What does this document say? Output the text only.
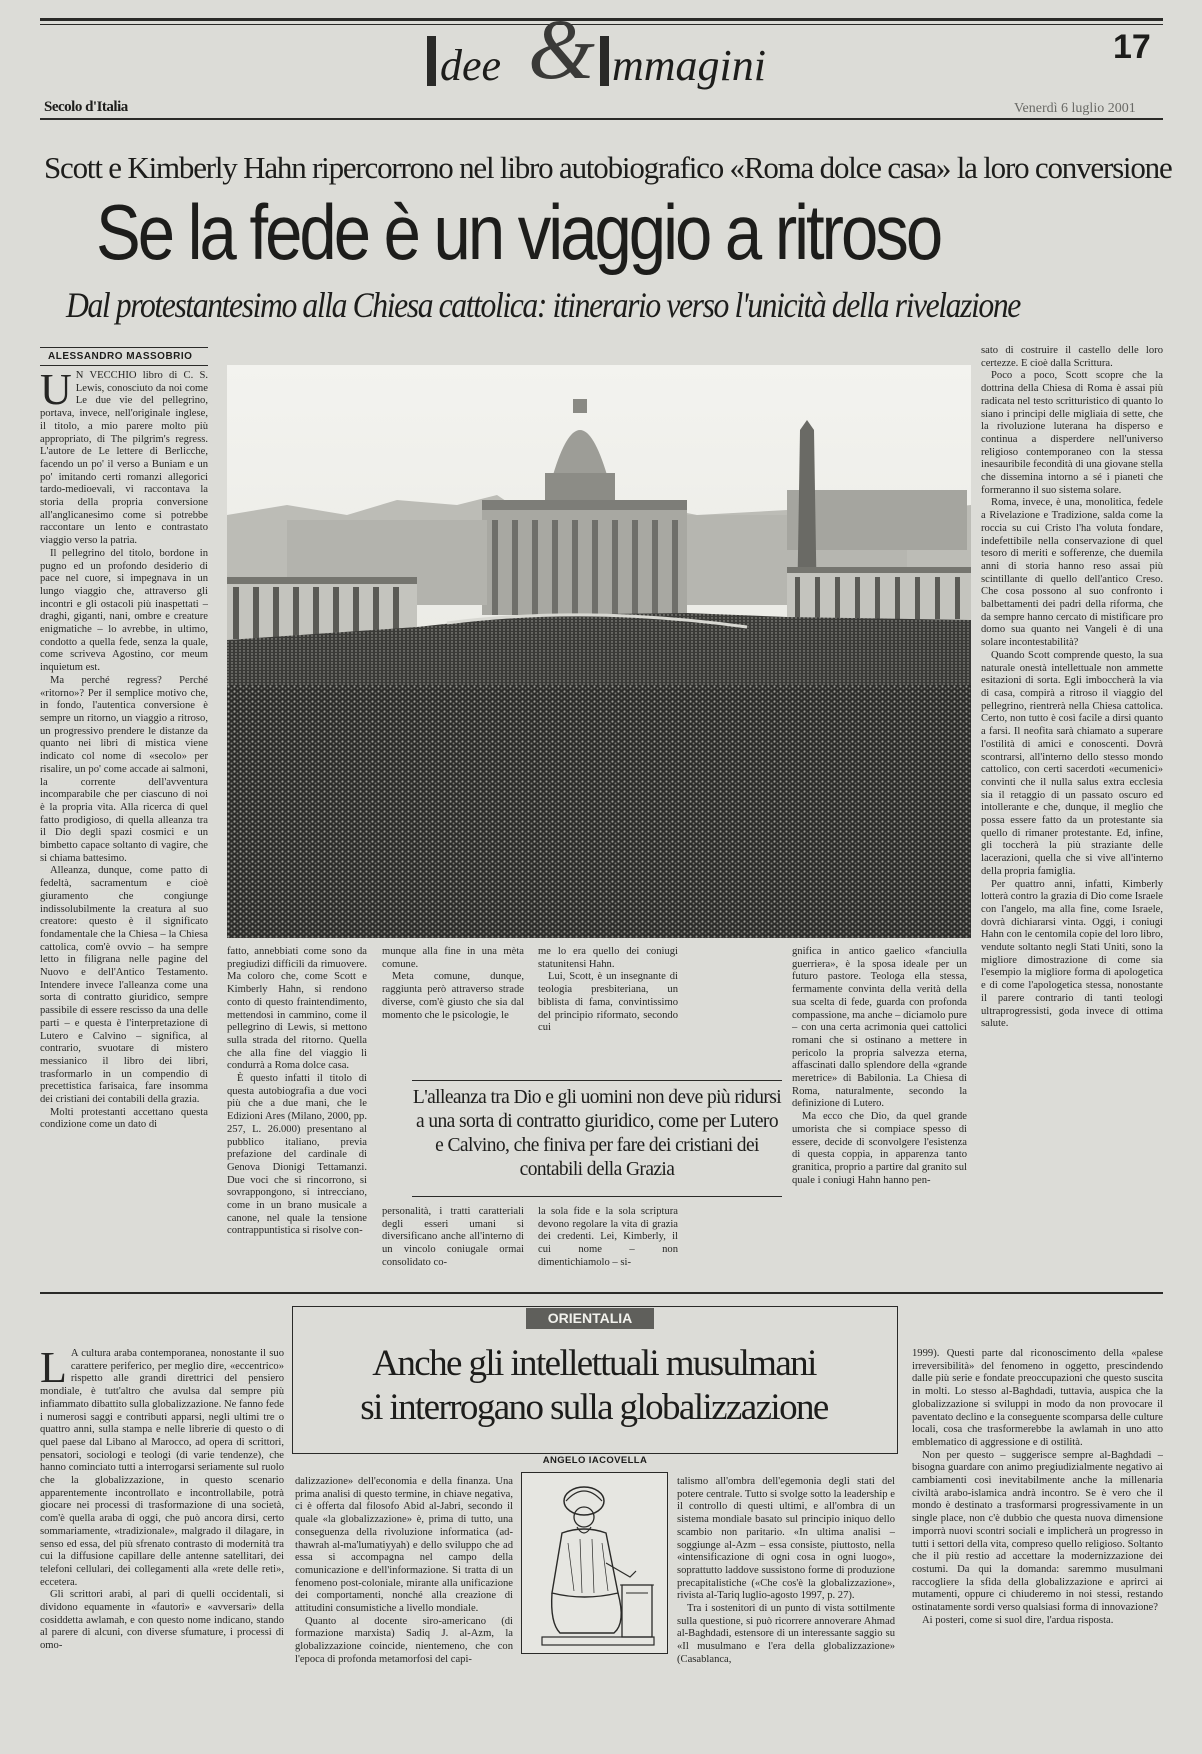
dee & mmagini	17
Secolo d'Italia	Venerdì 6 luglio 2001
Scott e Kimberly Hahn ripercorrono nel libro autobiografico «Roma dolce casa» la loro conversione
Se la fede è un viaggio a ritroso
Dal protestantesimo alla Chiesa cattolica: itinerario verso l'unicità della rivelazione
ALESSANDRO MASSOBRIO
U N VECCHIO libro di C. S. Lewis, conosciuto da noi come Le due vie del pellegrino, portava, invece, nell'originale inglese, il titolo, a mio parere molto più appropriato, di The pilgrim's regress. L'autore de Le lettere di Berlicche, facendo un po' il verso a Buniam e un po' imitando certi romanzi allegorici tardo-medioevali, vi raccontava la storia della propria conversione all'anglicanesimo come si potrebbe raccontare un lento e contrastato viaggio verso la patria.

Il pellegrino del titolo, bordone in pugno ed un profondo desiderio di pace nel cuore, si impegnava in un lungo viaggio che, attraverso gli incontri e gli ostacoli più inaspettati – draghi, giganti, nani, ombre e creature enigmatiche – lo avrebbe, in ultimo, condotto a quella fede, senza la quale, come scriveva Agostino, cor meum inquietum est.

Ma perché regress? Perché «ritorno»? Per il semplice motivo che, in fondo, l'autentica conversione è sempre un ritorno, un viaggio a ritroso, un progressivo prendere le distanze da quanto nei libri di mistica viene indicato col nome di «secolo» per risalire, un po' come accade ai salmoni, la corrente dell'avventura incomparabile che per ciascuno di noi è la propria vita. Alla ricerca di quel fatto prodigioso, di quella alleanza tra il Dio degli spazi cosmici e un bimbetto capace soltanto di vagire, che si chiama battesimo.

Alleanza, dunque, come patto di fedeltà, sacramentum e cioè giuramento che congiunge indissolubilmente la creatura al suo creatore: questo è il significato fondamentale che la Chiesa – la Chiesa cattolica, com'è ovvio – ha sempre letto in filigrana nelle pagine del Nuovo e dell'Antico Testamento. Intendere invece l'alleanza come una sorta di contratto giuridico, sempre passibile di essere rescisso da una delle parti – e questa è l'interpretazione di Lutero e Calvino – significa, al contrario, svuotare di mistero messianico il libro dei libri, trasformarlo in un compendio di precettistica farisaica, fare insomma dei cristiani dei contabili della grazia.

Molti protestanti accettano questa condizione come un dato di

sato di costruire il castello delle loro certezze. E cioè dalla Scrittura.

Poco a poco, Scott scopre che la dottrina della Chiesa di Roma è assai più radicata nel testo scritturistico di quanto lo siano i principi delle migliaia di sette, che la rivoluzione luterana ha disperso e continua a disperdere nell'universo religioso contemporaneo con la stessa inesauribile fecondità di una giovane stella che dissemina intorno a sé i pianeti che formeranno il suo sistema solare.

Roma, invece, è una, monolitica, fedele a Rivelazione e Tradizione, salda come la roccia su cui Cristo l'ha voluta fondare, indefettibile nella conservazione di quel tesoro di meriti e sofferenze, che duemila anni di storia hanno reso assai più scintillante di quello dell'antico Creso. Che cosa possono al suo confronto i balbettamenti dei padri della riforma, che da sempre hanno cercato di mistificare pro domo sua quanto nei Vangeli è di una solare incontestabilità?

Quando Scott comprende questo, la sua naturale onestà intellettuale non ammette esitazioni di sorta. Egli imboccherà la via di casa, compirà a ritroso il viaggio del pellegrino, rientrerà nella Chiesa cattolica. Certo, non tutto è così facile a dirsi quanto a farsi. Il neofita sarà chiamato a superare l'ostilità di amici e conoscenti. Dovrà scontrarsi, all'interno dello stesso mondo cattolico, con certi sacerdoti «ecumenici» convinti che il nulla salus extra ecclesia sia il retaggio di un passato oscuro ed intollerante e che, dunque, il meglio che possa essere fatto da un protestante sia quello di rimaner protestante. Ed, infine, gli toccherà la più straziante delle lacerazioni, quella che si vive all'interno della propria famiglia.

Per quattro anni, infatti, Kimberly lotterà contro la grazia di Dio come Israele con l'angelo, ma alla fine, come Israele, dovrà dichiararsi vinta. Oggi, i coniugi Hahn con le centomila copie del loro libro, vendute soltanto negli Stati Uniti, sono la migliore dimostrazione di come sia l'esempio la migliore forma di apologetica e di come l'apologetica stessa, nonostante il parere contrario di tanti teologi ultraprogressisti, goda invece di ottima salute.

fatto, annebbiati come sono da pregiudizi difficili da rimuovere. Ma coloro che, come Scott e Kimberly Hahn, si rendono conto di questo fraintendimento, mettendosi in cammino, come il pellegrino di Lewis, si mettono sulla strada del ritorno. Quella che alla fine del viaggio li condurrà a Roma dolce casa.

È questo infatti il titolo di questa autobiografia a due voci più che a due mani, che le Edizioni Ares (Milano, 2000, pp. 257, L. 26.000) presentano al pubblico italiano, previa prefazione del cardinale di Genova Dionigi Tettamanzi. Due voci che si rincorrono, si sovrappongono, si intrecciano, come in un brano musicale a canone, nel quale la tensione contrappuntistica si risolve con-

munque alla fine in una mèta comune.

Meta comune, dunque, raggiunta però attraverso strade diverse, com'è giusto che sia dal momento che le psicologie, le

me lo era quello dei coniugi statunitensi Hahn.

Lui, Scott, è un insegnante di teologia presbiteriana, un biblista di fama, convintissimo del principio riformato, secondo cui

L'alleanza tra Dio e gli uomini non deve più ridursi a una sorta di contratto giuridico, come per Lutero e Calvino, che finiva per fare dei cristiani dei contabili della Grazia

personalità, i tratti caratteriali degli esseri umani si diversificano anche all'interno di un vincolo coniugale ormai consolidato co-

la sola fide e la sola scriptura devono regolare la vita di grazia dei credenti. Lei, Kimberly, il cui nome – non dimentichiamolo – si-

gnifica in antico gaelico «fanciulla guerriera», è la sposa ideale per un futuro pastore. Teologa ella stessa, fermamente convinta della verità della sua scelta di fede, guarda con profonda compassione, ma anche – diciamolo pure – con una certa acrimonia quei cattolici romani che si ostinano a mettere in pericolo la propria salvezza eterna, affascinati dallo splendore della «grande meretrice» di Babilonia. La Chiesa di Roma, naturalmente, secondo la definizione di Lutero.

Ma ecco che Dio, da quel grande umorista che si compiace spesso di essere, decide di sconvolgere l'esistenza di questa coppia, in apparenza tanto granitica, proprio a partire dal granito sul quale i coniugi Hahn hanno pen-

ORIENTALIA
Anche gli intellettuali musulmani
si interrogano sulla globalizzazione
ANGELO IACOVELLA
L A cultura araba contemporanea, nonostante il suo carattere periferico, per meglio dire, «eccentrico» rispetto alle grandi direttrici del pensiero mondiale, è tutt'altro che avulsa dal sempre più infiammato dibattito sulla globalizzazione. Ne fanno fede i numerosi saggi e contributi apparsi, negli ultimi tre o quattro anni, sulla stampa e nelle librerie di questo o di quel paese dal Libano al Marocco, ad opera di scrittori, pensatori, sociologi e teologi (di varie tendenze), che hanno cominciato tutti a interrogarsi seriamente sul ruolo che la globalizzazione, in questo scenario apparentemente incontrollato e incontrollabile, potrà giocare nei processi di trasformazione di una società, com'è quella araba di oggi, che può ancora dirsi, certo sommariamente, «tradizionale», malgrado il dilagare, in senso ed essa, del più sfrenato contrasto di modernità tra cui la diffusione capillare delle antenne satellitari, dei telefoni cellulari, dei collegamenti alla «rete delle reti», eccetera.

Gli scrittori arabi, al pari di quelli occidentali, si dividono equamente in «fautori» e «avversari» della cosiddetta awlamah, e con questo nome indicano, stando al parere di alcuni, con diverse sfumature, i processi di omo-

dalizzazione» dell'economia e della finanza. Una prima analisi di questo termine, in chiave negativa, ci è offerta dal filosofo Abid al-Jabri, secondo il quale «la globalizzazione» è, prima di tutto, una conseguenza della rivoluzione informatica (ad-thawrah al-ma'lumatiyyah) e dello sviluppo che ad essa si accompagna nel campo della comunicazione e dell'informazione. Si tratta di un fenomeno post-coloniale, mirante alla unificazione dei comportamenti, nonché alla creazione di attitudini consumistiche a livello mondiale.

Quanto al docente siro-americano (di formazione marxista) Sadiq J. al-Azm, la globalizzazione coincide, nientemeno, che con l'epoca di profonda metamorfosi del capi-

talismo all'ombra dell'egemonia degli stati del potere centrale. Tutto si svolge sotto la leadership e il controllo di questi ultimi, e all'ombra di un sistema mondiale basato sul principio iniquo dello scambio non paritario. «In ultima analisi – soggiunge al-Azm – essa consiste, piuttosto, nella «intensificazione di ogni cosa in ogni luogo», soprattutto laddove sussistono forme di produzione precapitalistiche («Che cos'è la globalizzazione», rivista al-Tariq luglio-agosto 1997, p. 27).

Tra i sostenitori di un punto di vista sottilmente sulla questione, si può ricorrere annoverare Ahmad al-Baghdadi, estensore di un interessante saggio su «Il musulmano e l'era della globalizzazione» (Casablanca,

1999). Questi parte dal riconoscimento della «palese irreversibilità» del fenomeno in oggetto, prescindendo dalle più serie e fondate preoccupazioni che questo suscita in molti. Lo stesso al-Baghdadi, tuttavia, auspica che la globalizzazione si sviluppi in modo da non provocare il paventato declino e la conseguente scomparsa delle culture locali, cosa che trasformerebbe la awlamah in uno atto emblematico di aggressione e di ostilità.

Non per questo – suggerisce sempre al-Baghdadi – bisogna guardare con animo pregiudizialmente negativo ai cambiamenti così inevitabilmente anche la millenaria civiltà arabo-islamica andrà incontro. Se è vero che il mondo è destinato a trasformarsi progressivamente in un single place, non c'è dubbio che questa nuova dimensione imporrà nuovi scontri sociali e implicherà un progresso in tutti i settori della vita, compreso quello religioso. Soltanto che il più restio ad accettare la modernizzazione dei costumi. Da qui la domanda: saremmo musulmani raccogliere la sfida della globalizzazione e aprirci ai mutamenti, oppure ci chiuderemo in noi stessi, restando ostinatamente sordi verso qualsiasi forma di innovazione?

Ai posteri, come si suol dire, l'ardua risposta.
